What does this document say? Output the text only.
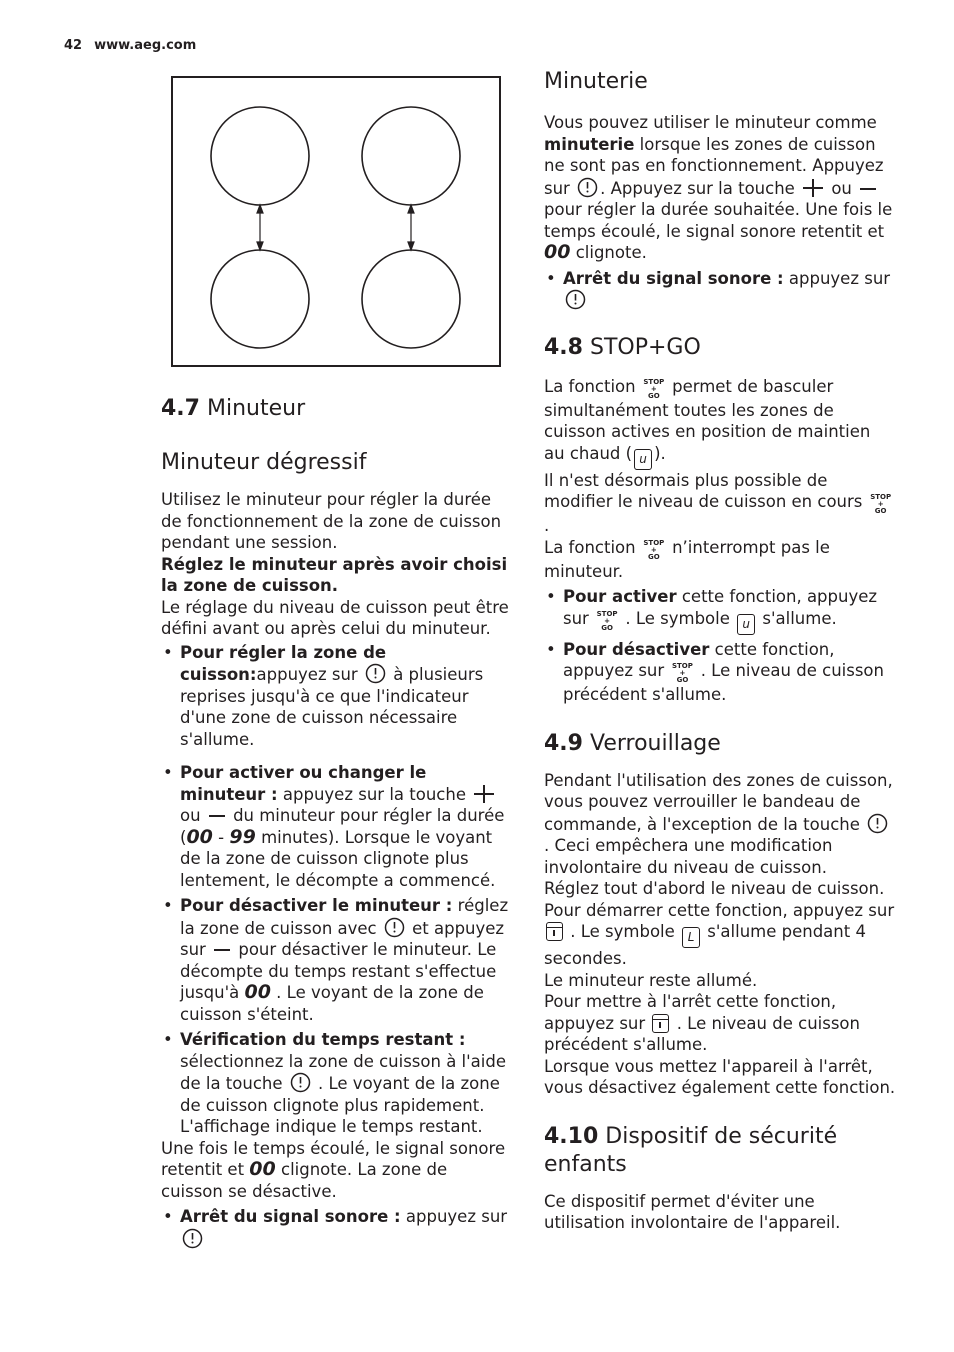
42 www.aeg.com
4.7 Minuteur
Minuteur dégressif

Utilisez le minuteur pour régler la durée de fonctionnement de la zone de cuisson pendant une session.
Réglez le minuteur après avoir choisi la zone de cuisson.
Le réglage du niveau de cuisson peut être défini avant ou après celui du minuteur.

• Pour régler la zone de cuisson:appuyez sur à plusieurs reprises jusqu'à ce que l'indicateur d'une zone de cuisson nécessaire s'allume.
• Pour activer ou changer le minuteur : appuyez sur la touche  ou du minuteur pour régler la durée (00 - 99 minutes). Lorsque le voyant de la zone de cuisson clignote plus lentement, le décompte a commencé.
• Pour désactiver le minuteur : réglez la zone de cuisson avec et appuyez sur pour désactiver le minuteur. Le décompte du temps restant s'effectue jusqu'à 00 . Le voyant de la zone de cuisson s'éteint.
• Vérification du temps restant : sélectionnez la zone de cuisson à l'aide de la touche . Le voyant de la zone de cuisson clignote plus rapidement. L'affichage indique le temps restant.

Une fois le temps écoulé, le signal sonore retentit et 00 clignote. La zone de cuisson se désactive.

• Arrêt du signal sonore : appuyez sur

Minuterie

Vous pouvez utiliser le minuteur comme minuterie lorsque les zones de cuisson ne sont pas en fonctionnement. Appuyez sur . Appuyez sur la touche ou  pour régler la durée souhaitée. Une fois le temps écoulé, le signal sonore retentit et 00 clignote.

• Arrêt du signal sonore : appuyez sur

4.8 STOP+GO

La fonction STOP
+
GO permet de basculer simultanément toutes les zones de cuisson actives en position de maintien au chaud ( u ).
Il n'est désormais plus possible de modifier le niveau de cuisson en cours STOP
+
GO .
La fonction STOP
+
GO n’interrompt pas le minuteur.

• Pour activer cette fonction, appuyez sur STOP
+
GO . Le symbole u s'allume.
• Pour désactiver cette fonction, appuyez sur STOP
+
GO . Le niveau de cuisson précédent s'allume.
4.9 Verrouillage

Pendant l'utilisation des zones de cuisson, vous pouvez verrouiller le bandeau de commande, à l'exception de la touche  . Ceci empêchera une modification involontaire du niveau de cuisson.
Réglez tout d'abord le niveau de cuisson.
Pour démarrer cette fonction, appuyez sur  . Le symbole L s'allume pendant 4 secondes.
Le minuteur reste allumé.
Pour mettre à l'arrêt cette fonction, appuyez sur . Le niveau de cuisson précédent s'allume.
Lorsque vous mettez l'appareil à l'arrêt, vous désactivez également cette fonction.

4.10 Dispositif de sécurité enfants

Ce dispositif permet d'éviter une utilisation involontaire de l'appareil.
